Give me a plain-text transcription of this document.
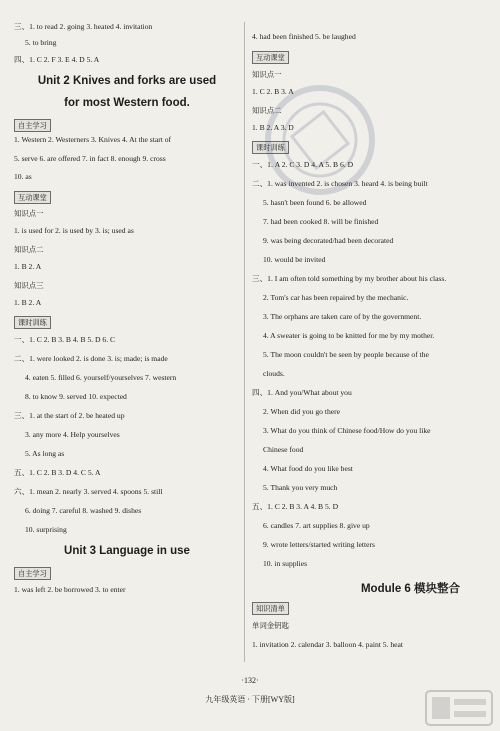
三、1. to read 2. going 3. heated 4. invitation
5. to bring
四、1. C 2. F 3. E 4. D 5. A
Unit 2 Knives and forks are used
for most Western food.
自主学习
1. Western 2. Westerners 3. Knives 4. At the start of
5. serve 6. are offered 7. in fact 8. enough 9. cross
10. as
互动课堂
知识点一
1. is used for 2. is used by 3. is; used as
知识点二
1. B 2. A
知识点三
1. B 2. A
课时训练
一、1. C 2. B 3. B 4. B 5. D 6. C
二、1. were looked 2. is done 3. is; made; is made
4. eaten 5. filled 6. yourself/yourselves 7. western
8. to know 9. served 10. expected
三、1. at the start of 2. be heated up
3. any more 4. Help yourselves
5. As long as
五、1. C 2. B 3. D 4. C 5. A
六、1. mean 2. nearly 3. served 4. spoons 5. still
6. doing 7. careful 8. washed 9. dishes
10. surprising
Unit 3 Language in use
自主学习
1. was left 2. be borrowed 3. to enter
4. had been finished 5. be laughed
互动课堂
知识点一
1. C 2. B 3. A
知识点二
1. B 2. A 3. D
课时训练
一、1. A 2. C 3. D 4. A 5. B 6. D
二、1. was invented 2. is chosen 3. heard 4. is being built
5. hasn't been found 6. be allowed
7. had been cooked 8. will be finished
9. was being decorated/had been decorated
10. would be invited
三、1. I am often told something by my brother about his class.
2. Tom's car has been repaired by the mechanic.
3. The orphans are taken care of by the government.
4. A sweater is going to be knitted for me by my mother.
5. The moon couldn't be seen by people because of the
clouds.
四、1. And you/What about you
2. When did you go there
3. What do you think of Chinese food/How do you like
Chinese food
4. What food do you like best
5. Thank you very much
五、1. C 2. B 3. A 4. B 5. D
6. candles 7. art supplies 8. give up
9. wrote letters/started writing letters
10. in supplies
Module 6 模块整合
知识清单
单词金钥匙
1. invitation 2. calendar 3. balloon 4. paint 5. heat
·132·
九年级英语 · 下册[WY版]
